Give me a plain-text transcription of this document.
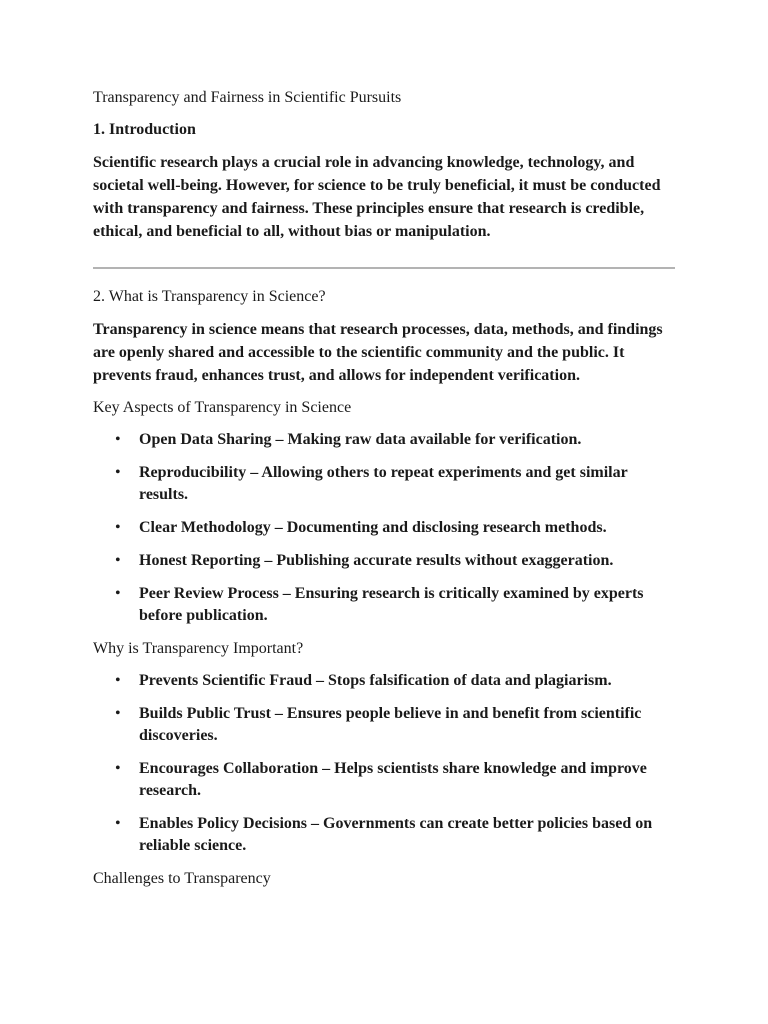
Transparency and Fairness in Scientific Pursuits

1. Introduction

Scientific research plays a crucial role in advancing knowledge, technology, and societal well-being. However, for science to be truly beneficial, it must be conducted with transparency and fairness. These principles ensure that research is credible, ethical, and beneficial to all, without bias or manipulation.

2. What is Transparency in Science?

Transparency in science means that research processes, data, methods, and findings are openly shared and accessible to the scientific community and the public. It prevents fraud, enhances trust, and allows for independent verification.

Key Aspects of Transparency in Science

• Open Data Sharing – Making raw data available for verification.
• Reproducibility – Allowing others to repeat experiments and get similar results.
• Clear Methodology – Documenting and disclosing research methods.
• Honest Reporting – Publishing accurate results without exaggeration.
• Peer Review Process – Ensuring research is critically examined by experts before publication.

Why is Transparency Important?

• Prevents Scientific Fraud – Stops falsification of data and plagiarism.
• Builds Public Trust – Ensures people believe in and benefit from scientific discoveries.
• Encourages Collaboration – Helps scientists share knowledge and improve research.
• Enables Policy Decisions – Governments can create better policies based on reliable science.

Challenges to Transparency
